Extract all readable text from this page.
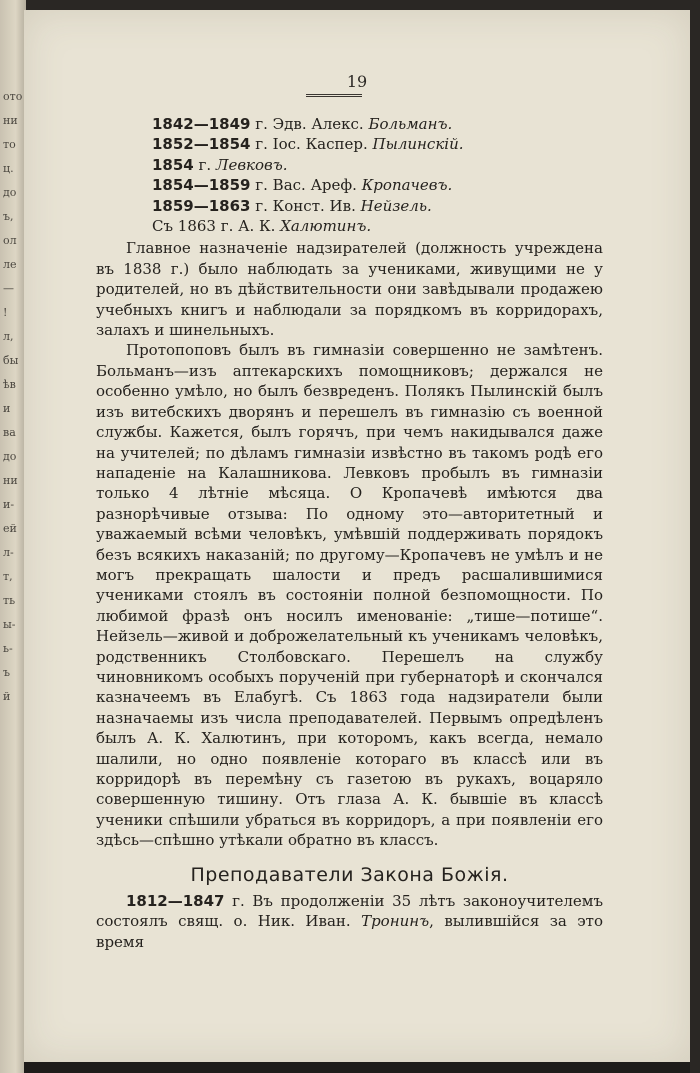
ото
ни
то
ц.
до
ъ,
ол
ле
—
!
л,
бы
ѣв
и
ва
до
ни
и-
ей
л-
т,
ть
ы-
ь-
ъ
й
19
1842—1849 г. Эдв. Алекс. Больманъ.
1852—1854 г. Іос. Каспер. Пылинскій.
1854 г. Левковъ.
1854—1859 г. Вас. Ареф. Кропачевъ.
1859—1863 г. Конст. Ив. Нейзель.
Съ 1863 г. А. К. Халютинъ.

Главное назначеніе надзирателей (должность учреждена въ 1838 г.) было наблюдать за учениками, живущими не у родителей, но въ дѣйствительности они завѣдывали продажею учебныхъ книгъ и наблюдали за порядкомъ въ корридорахъ, залахъ и шинельныхъ.

Протопоповъ былъ въ гимназіи совершенно не замѣтенъ. Больманъ—изъ аптекарскихъ помощниковъ; держался не особенно умѣло, но былъ безвреденъ. Полякъ Пылинскій былъ изъ витебскихъ дворянъ и перешелъ въ гимназію съ военной службы. Кажется, былъ горячъ, при чемъ накидывался даже на учителей; по дѣламъ гимназіи извѣстно въ такомъ родѣ его нападеніе на Калашникова. Левковъ пробылъ въ гимназіи только 4 лѣтніе мѣсяца. О Кропачевѣ имѣются два разнорѣчивые отзыва: По одному это—авторитетный и уважаемый всѣми человѣкъ, умѣвшій поддерживать порядокъ безъ всякихъ наказаній; по другому—Кропачевъ не умѣлъ и не могъ прекращать шалости и предъ расшалившимися учениками стоялъ въ состояніи полной безпомощности. По любимой фразѣ онъ носилъ именованіе: „тише—потише“. Нейзель—живой и доброжелательный къ ученикамъ человѣкъ, родственникъ Столбовскаго. Перешелъ на службу чиновникомъ особыхъ порученій при губернаторѣ и скончался казначеемъ въ Елабугѣ. Съ 1863 года надзиратели были назначаемы изъ числа преподавателей. Первымъ опредѣленъ былъ А. К. Халютинъ, при которомъ, какъ всегда, немало шалили, но одно появленіе котораго въ классѣ или въ корридорѣ въ перемѣну съ газетою въ рукахъ, воцаряло совершенную тишину. Отъ глаза А. К. бывшіе въ классѣ ученики спѣшили убраться въ корридоръ, а при появленіи его здѣсь—спѣшно утѣкали обратно въ классъ.

Преподаватели Закона Божія.

1812—1847 г. Въ продолженіи 35 лѣтъ законоучителемъ состоялъ свящ. о. Ник. Иван. Тронинъ, вылившійся за это время
